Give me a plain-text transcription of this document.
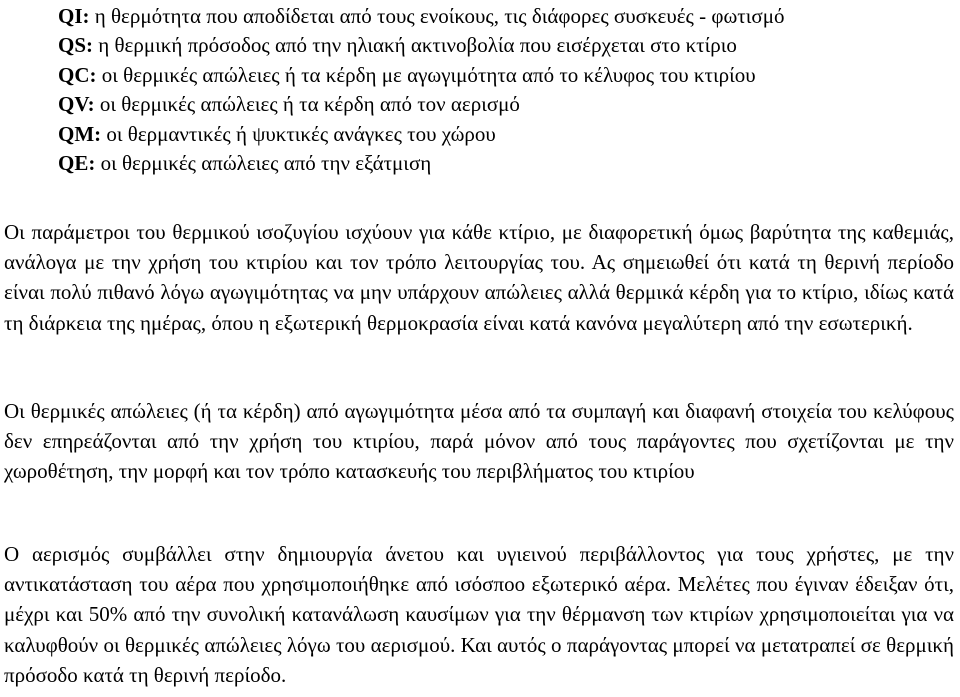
QI: η θερμότητα που αποδίδεται από τους ενοίκους, τις διάφορες συσκευές - φωτισμό
QS: η θερμική πρόσοδος από την ηλιακή ακτινοβολία που εισέρχεται στο κτίριο
QC: οι θερμικές απώλειες ή τα κέρδη με αγωγιμότητα από το κέλυφος του κτιρίου
QV: οι θερμικές απώλειες ή τα κέρδη από τον αερισμό
QM: οι θερμαντικές ή ψυκτικές ανάγκες του χώρου
QE: οι θερμικές απώλειες από την εξάτμιση

Οι παράμετροι του θερμικού ισοζυγίου ισχύουν για κάθε κτίριο, με διαφορετική όμως βαρύτητα της καθεμιάς, ανάλογα με την χρήση του κτιρίου και τον τρόπο λειτουργίας του. Ας σημειωθεί ότι κατά τη θερινή περίοδο είναι πολύ πιθανό λόγω αγωγιμότητας να μην υπάρχουν απώλειες αλλά θερμικά κέρδη για το κτίριο, ιδίως κατά τη διάρκεια της ημέρας, όπου η εξωτερική θερμοκρασία είναι κατά κανόνα μεγαλύτερη από την εσωτερική.

Οι θερμικές απώλειες (ή τα κέρδη) από αγωγιμότητα μέσα από τα συμπαγή και διαφανή στοιχεία του κελύφους δεν επηρεάζονται από την χρήση του κτιρίου, παρά μόνον από τους παράγοντες που σχετίζονται με την χωροθέτηση, την μορφή και τον τρόπο κατασκευής του περιβλήματος του κτιρίου

Ο αερισμός συμβάλλει στην δημιουργία άνετου και υγιεινού περιβάλλοντος για τους χρήστες, με την αντικατάσταση του αέρα που χρησιμοποιήθηκε από ισόσποο εξωτερικό αέρα. Μελέτες που έγιναν έδειξαν ότι, μέχρι και 50% από την συνολική κατανάλωση καυσίμων για την θέρμανση των κτιρίων χρησιμοποιείται για να καλυφθούν οι θερμικές απώλειες λόγω του αερισμού. Και αυτός ο παράγοντας μπορεί να μετατραπεί σε θερμική πρόσοδο κατά τη θερινή περίοδο.
